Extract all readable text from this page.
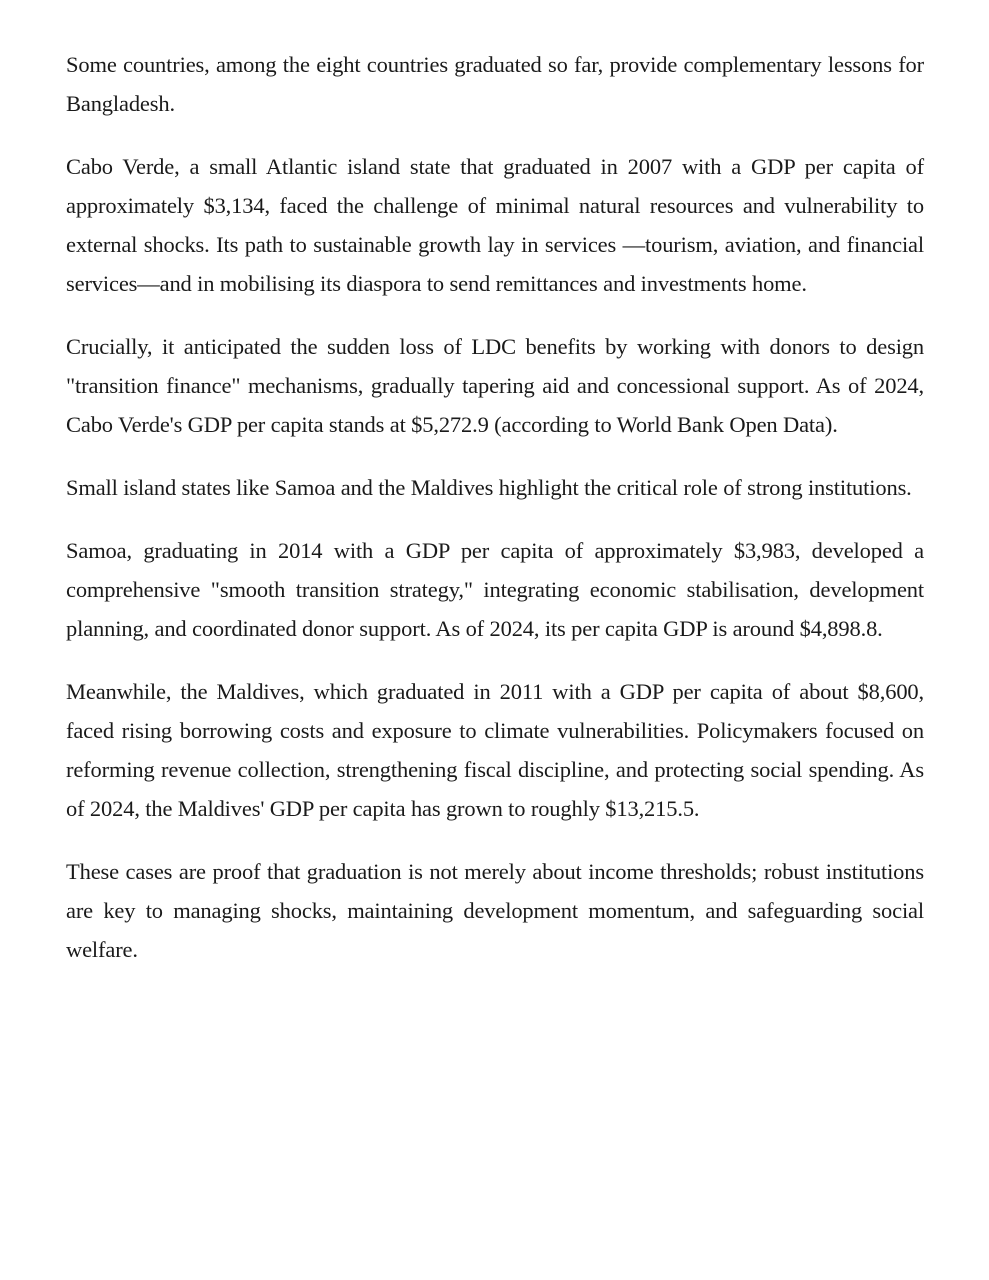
Some countries, among the eight countries graduated so far, provide complementary lessons for Bangladesh.

Cabo Verde, a small Atlantic island state that graduated in 2007 with a GDP per capita of approximately $3,134, faced the challenge of minimal natural resources and vulnerability to external shocks. Its path to sustainable growth lay in services —tourism, aviation, and financial services—and in mobilising its diaspora to send remittances and investments home.

Crucially, it anticipated the sudden loss of LDC benefits by working with donors to design "transition finance" mechanisms, gradually tapering aid and concessional support. As of 2024, Cabo Verde's GDP per capita stands at $5,272.9 (according to World Bank Open Data).

Small island states like Samoa and the Maldives highlight the critical role of strong institutions.

Samoa, graduating in 2014 with a GDP per capita of approximately $3,983, developed a comprehensive "smooth transition strategy," integrating economic stabilisation, development planning, and coordinated donor support. As of 2024, its per capita GDP is around $4,898.8.

Meanwhile, the Maldives, which graduated in 2011 with a GDP per capita of about $8,600, faced rising borrowing costs and exposure to climate vulnerabilities. Policymakers focused on reforming revenue collection, strengthening fiscal discipline, and protecting social spending. As of 2024, the Maldives' GDP per capita has grown to roughly $13,215.5.

These cases are proof that graduation is not merely about income thresholds; robust institutions are key to managing shocks, maintaining development momentum, and safeguarding social welfare.
